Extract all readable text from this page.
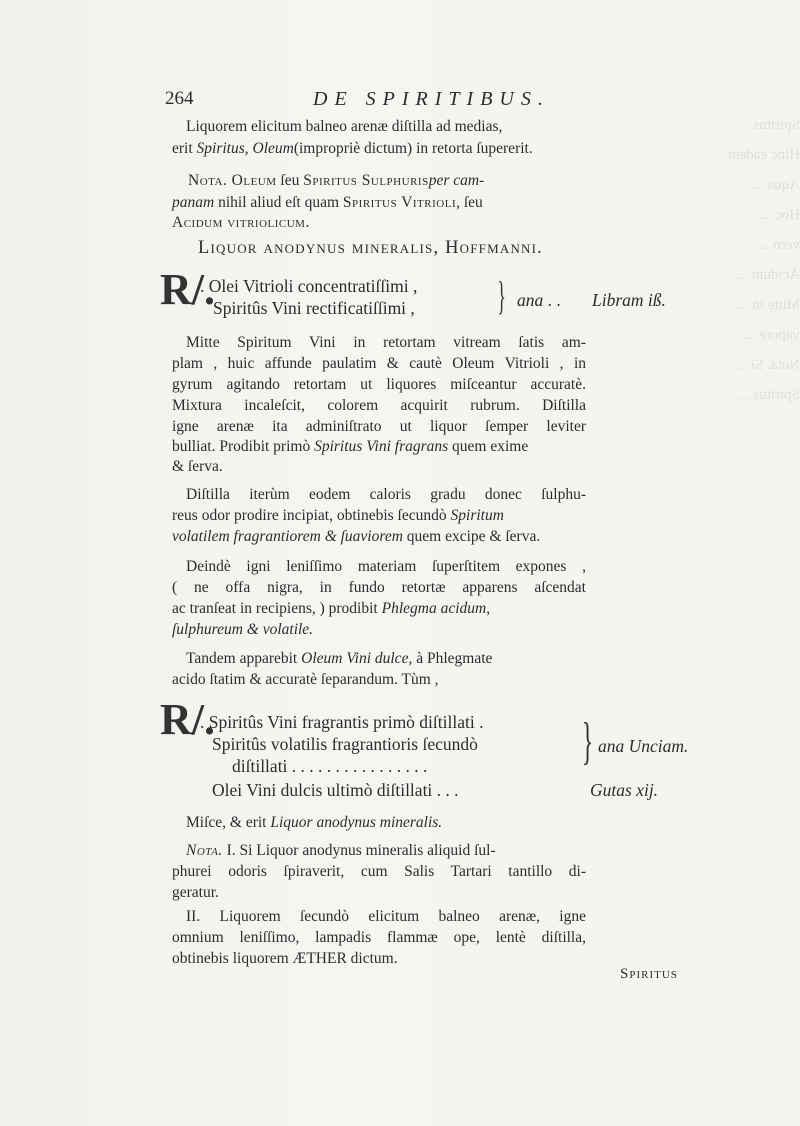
Spiritus
Hinc eadem
Aqua ...
Hoc ...
vero ...
Acidum ...
Mitte in ...
vapore ...
Nota. Si ...
Spiritus ...
264	DE SPIRITIBUS.
Liquorem elicitum balneo arenæ diſtilla ad medias,
erit Spiritus, Oleum(impropriè dictum) in retorta ſupererit.
Nota. Oleum ſeu Spiritus Sulphurisper cam-
panam nihil aliud eſt quam Spiritus Vitrioli, ſeu
Acidum vitriolicum.
Liquor anodynus mineralis, Hoffmanni.
R/.
. Olei Vitrioli concentratiſſimi ,
Spiritûs Vini rectificatiſſimi , } ana . . Libram iß.
Mitte Spiritum Vini in retortam vitream ſatis am-
plam , huic affunde paulatim & cautè Oleum Vitrioli , in
gyrum agitando retortam ut liquores miſceantur accuratè.
Mixtura incaleſcit, colorem acquirit rubrum. Diſtilla
igne arenæ ita adminiſtrato ut liquor ſemper leviter
bulliat. Prodibit primò Spiritus Vini fragrans quem exime
& ſerva.
Diſtilla iterùm eodem caloris gradu donec ſulphu-
reus odor prodire incipiat, obtinebis ſecundò Spiritum
volatilem fragrantiorem & ſuaviorem quem excipe & ſerva.
Deindè igni leniſſimo materiam ſuperſtitem expones ,
( ne offa nigra, in fundo retortæ apparens aſcendat
ac tranſeat in recipiens, ) prodibit Phlegma acidum,
ſulphureum & volatile.
Tandem apparebit Oleum Vini dulce, à Phlegmate
acido ſtatim & accuratè ſeparandum. Tùm ,
R/.
. Spiritûs Vini fragrantis primò diſtillati .
Spiritûs volatilis fragrantioris ſecundò
diſtillati . . . . . . . . . . . . . . . .	} ana Unciam.
Olei Vini dulcis ultimò diſtillati . . .	Gutas xij.
Miſce, & erit Liquor anodynus mineralis.
Nota. I. Si Liquor anodynus mineralis aliquid ſul-
phurei odoris ſpiraverit, cum Salis Tartari tantillo di-
geratur.
II. Liquorem ſecundò elicitum balneo arenæ, igne
omnium leniſſimo, lampadis flammæ ope, lentè diſtilla,
obtinebis liquorem ÆTHER dictum.
Spiritus
